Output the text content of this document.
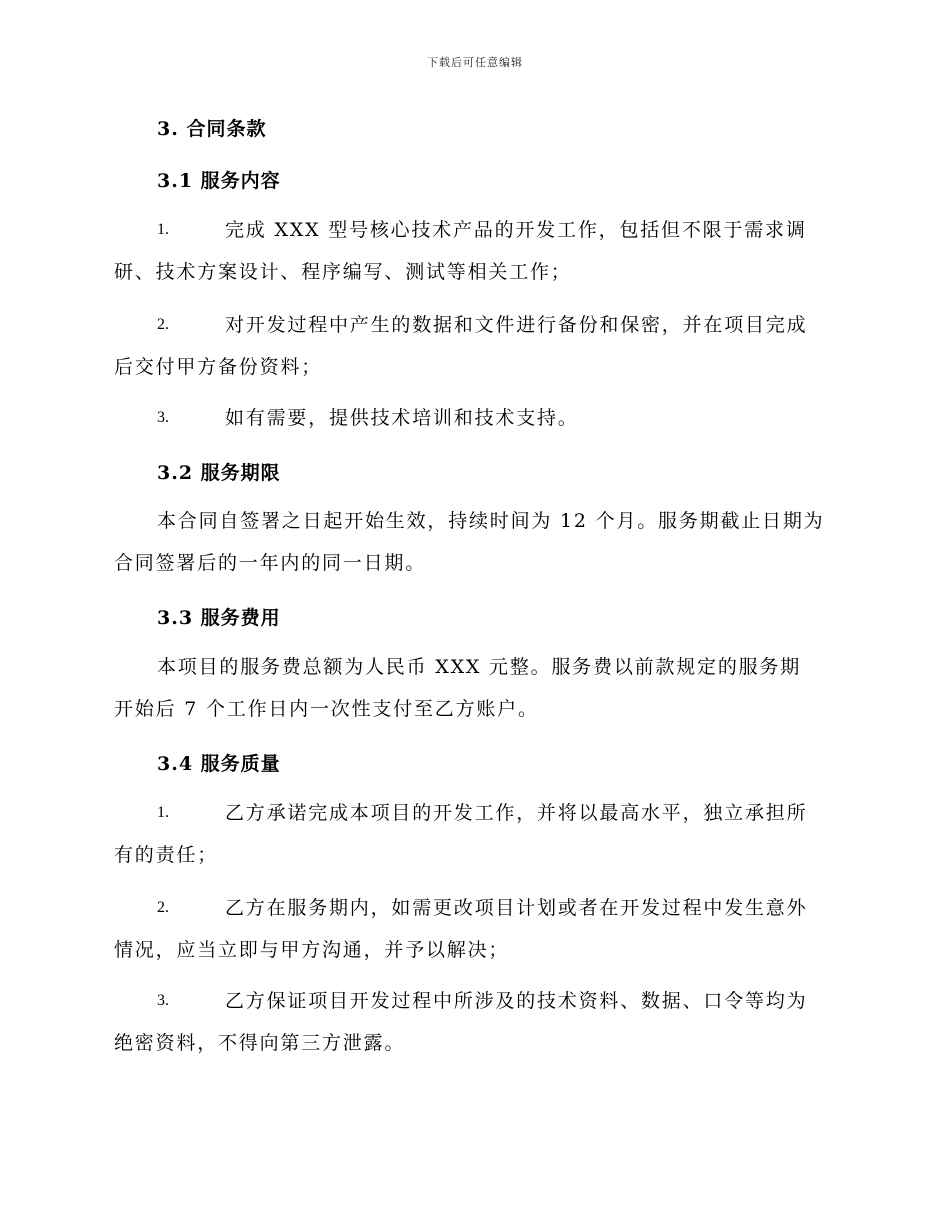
下载后可任意编辑
3. 合同条款
3.1 服务内容
1.	完成 XXX 型号核心技术产品的开发工作，包括但不限于需求调
研、技术方案设计、程序编写、测试等相关工作；
2.	对开发过程中产生的数据和文件进行备份和保密，并在项目完成
后交付甲方备份资料；
3.	如有需要，提供技术培训和技术支持。
3.2 服务期限
本合同自签署之日起开始生效，持续时间为 12 个月。服务期截止日期为
合同签署后的一年内的同一日期。
3.3 服务费用
本项目的服务费总额为人民币 XXX 元整。服务费以前款规定的服务期
开始后 7 个工作日内一次性支付至乙方账户。
3.4 服务质量
1.	乙方承诺完成本项目的开发工作，并将以最高水平，独立承担所
有的责任；
2.	乙方在服务期内，如需更改项目计划或者在开发过程中发生意外
情况，应当立即与甲方沟通，并予以解决；
3.	乙方保证项目开发过程中所涉及的技术资料、数据、口令等均为
绝密资料，不得向第三方泄露。
